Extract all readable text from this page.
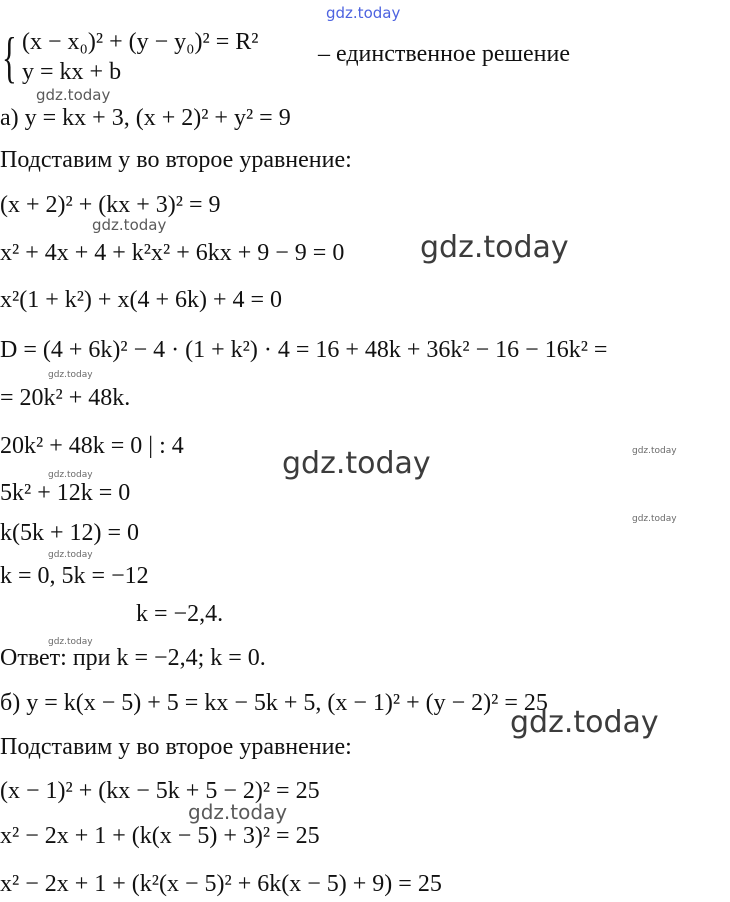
{ (x − x₀)² + (y − y₀)² = R²
y = kx + b
– единственное решение
а) y = kx + 3, (x + 2)² + y² = 9
Подставим y во второе уравнение:
(x + 2)² + (kx + 3)² = 9
x² + 4x + 4 + k²x² + 6kx + 9 − 9 = 0
x²(1 + k²) + x(4 + 6k) + 4 = 0
D = (4 + 6k)² − 4 · (1 + k²) · 4 = 16 + 48k + 36k² − 16 − 16k² =
= 20k² + 48k.
20k² + 48k = 0 | : 4
5k² + 12k = 0
k(5k + 12) = 0
k = 0, 5k = −12
k = −2,4.
Ответ: при k = −2,4; k = 0.
б) y = k(x − 5) + 5 = kx − 5k + 5, (x − 1)² + (y − 2)² = 25
Подставим y во второе уравнение:
(x − 1)² + (kx − 5k + 5 − 2)² = 25
x² − 2x + 1 + (k(x − 5) + 3)² = 25
x² − 2x + 1 + (k²(x − 5)² + 6k(x − 5) + 9) = 25
gdz.today
gdz.today
gdz.today
gdz.today
gdz.today
gdz.today	gdz.today
gdz.today
gdz.today
gdz.today
gdz.today
gdz.today
gdz.today
